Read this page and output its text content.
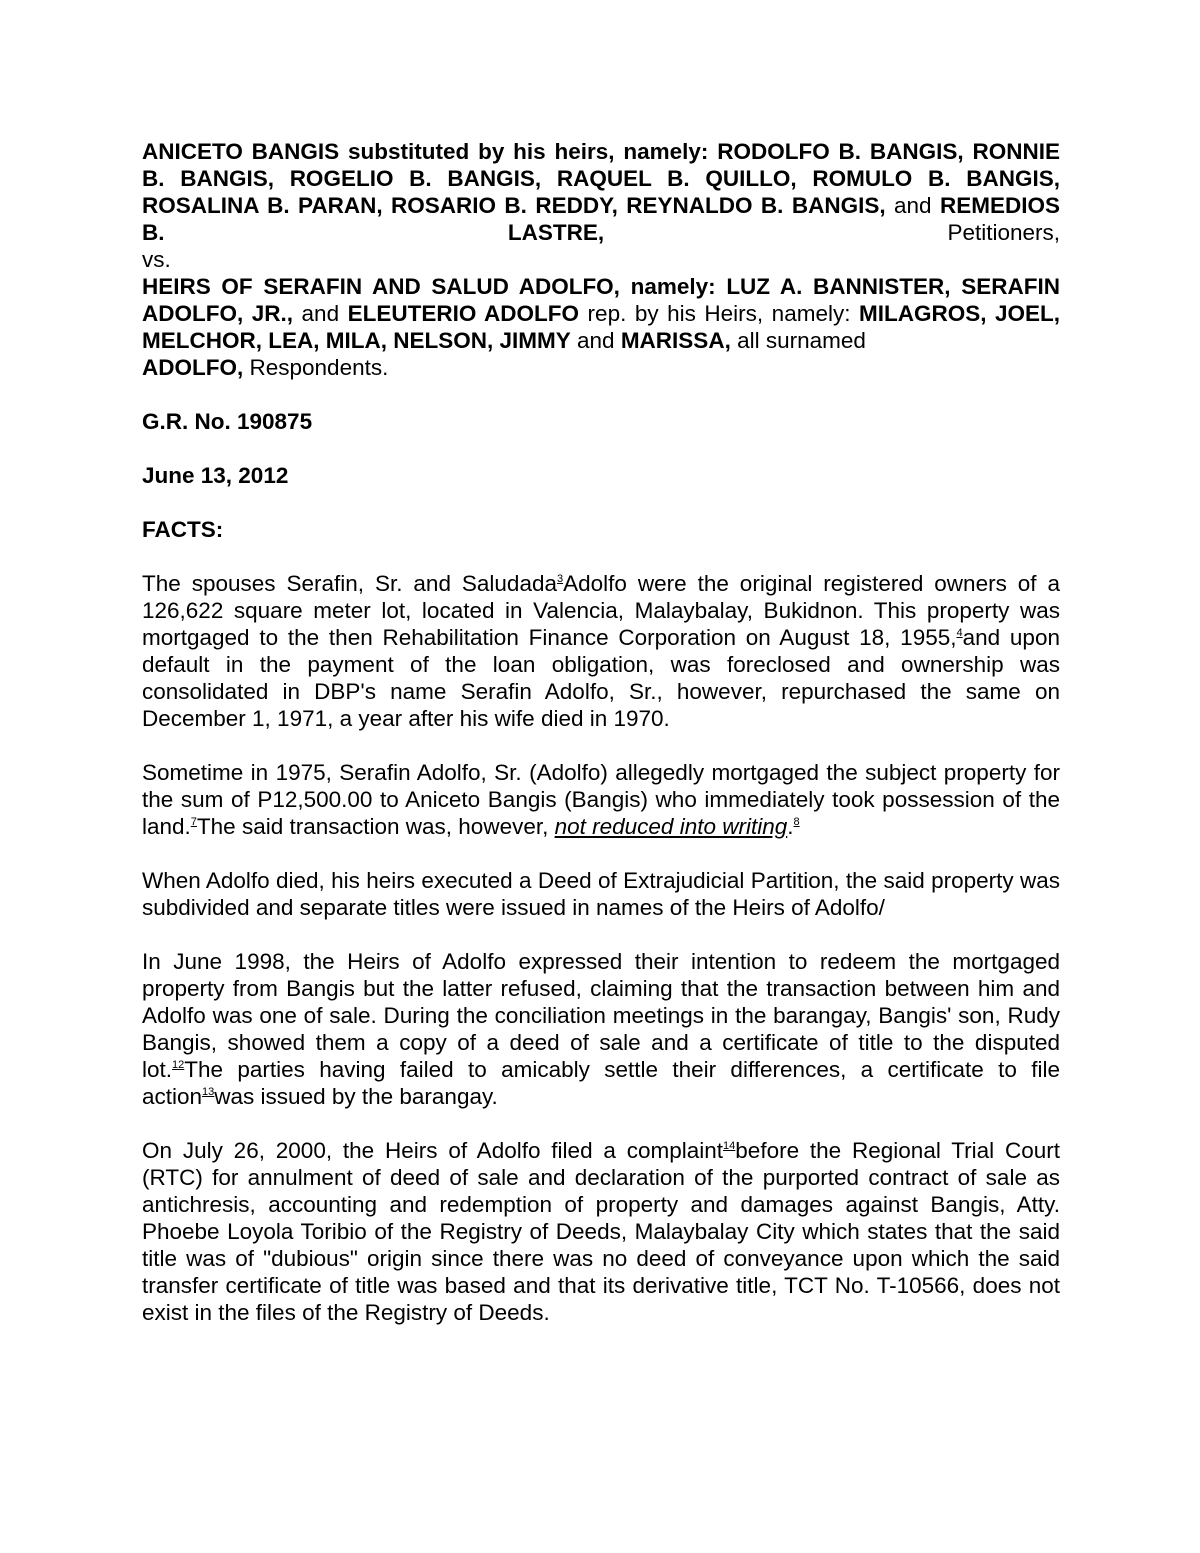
ANICETO BANGIS substituted by his heirs, namely: RODOLFO B. BANGIS, RONNIE B. BANGIS, ROGELIO B. BANGIS, RAQUEL B. QUILLO, ROMULO B. BANGIS, ROSALINA B. PARAN, ROSARIO B. REDDY, REYNALDO B. BANGIS, and REMEDIOS B.	LASTRE, Petitioners,

vs.

HEIRS OF SERAFIN AND SALUD ADOLFO, namely: LUZ A. BANNISTER, SERAFIN ADOLFO, JR., and ELEUTERIO ADOLFO rep. by his Heirs, namely: MILAGROS, JOEL, MELCHOR, LEA, MILA, NELSON, JIMMY and MARISSA, all surnamed
ADOLFO, Respondents.

G.R. No. 190875

June 13, 2012

FACTS:

The spouses Serafin, Sr. and Saludada$^3$Adolfo were the original registered owners of a 126,622 square meter lot, located in Valencia, Malaybalay, Bukidnon. This property was mortgaged to the then Rehabilitation Finance Corporation on August 18, 1955,$^4$and upon default in the payment of the loan obligation, was foreclosed and ownership was consolidated in DBP's name Serafin Adolfo, Sr., however, repurchased the same on December 1, 1971, a year after his wife died in 1970.

Sometime in 1975, Serafin Adolfo, Sr. (Adolfo) allegedly mortgaged the subject property for the sum of P12,500.00 to Aniceto Bangis (Bangis) who immediately took possession of the land.$^7$The said transaction was, however, not reduced into writing.$^8$

When Adolfo died, his heirs executed a Deed of Extrajudicial Partition, the said property was subdivided and separate titles were issued in names of the Heirs of Adolfo/

In June 1998, the Heirs of Adolfo expressed their intention to redeem the mortgaged property from Bangis but the latter refused, claiming that the transaction between him and Adolfo was one of sale. During the conciliation meetings in the barangay, Bangis' son, Rudy Bangis, showed them a copy of a deed of sale and a certificate of title to the disputed lot.$^{12}$The parties having failed to amicably settle their differences, a certificate to file action$^{13}$was issued by the barangay.

On July 26, 2000, the Heirs of Adolfo filed a complaint$^{14}$before the Regional Trial Court (RTC) for annulment of deed of sale and declaration of the purported contract of sale as antichresis, accounting and redemption of property and damages against Bangis, Atty. Phoebe Loyola Toribio of the Registry of Deeds, Malaybalay City which states that the said title was of "dubious" origin since there was no deed of conveyance upon which the said transfer certificate of title was based and that its derivative title, TCT No. T-10566, does not exist in the files of the Registry of Deeds.
